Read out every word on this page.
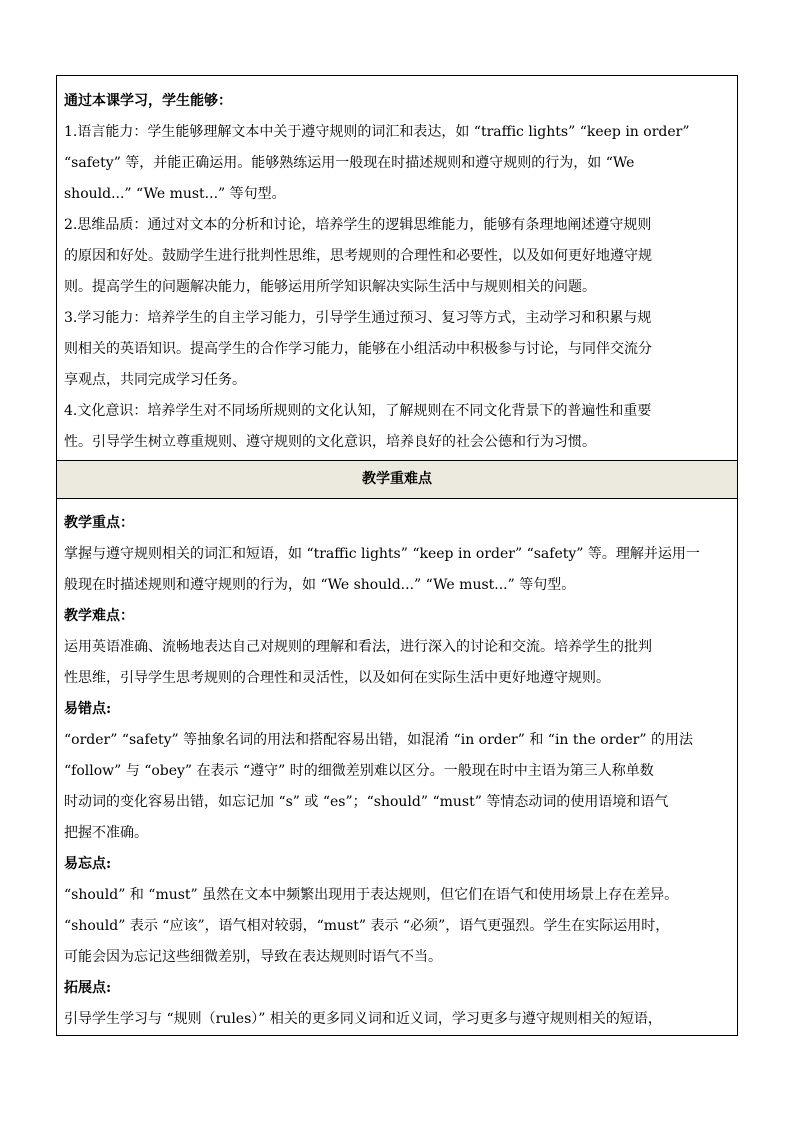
通过本课学习，学生能够：
1.语言能力：学生能够理解文本中关于遵守规则的词汇和表达，如 “traffic lights” “keep in order”
“safety” 等，并能正确运用。能够熟练运用一般现在时描述规则和遵守规则的行为，如 “We
should...” “We must...” 等句型。
2.思维品质：通过对文本的分析和讨论，培养学生的逻辑思维能力，能够有条理地阐述遵守规则
的原因和好处。鼓励学生进行批判性思维，思考规则的合理性和必要性，以及如何更好地遵守规
则。提高学生的问题解决能力，能够运用所学知识解决实际生活中与规则相关的问题。
3.学习能力：培养学生的自主学习能力，引导学生通过预习、复习等方式，主动学习和积累与规
则相关的英语知识。提高学生的合作学习能力，能够在小组活动中积极参与讨论，与同伴交流分
享观点，共同完成学习任务。
4.文化意识：培养学生对不同场所规则的文化认知，了解规则在不同文化背景下的普遍性和重要
性。引导学生树立尊重规则、遵守规则的文化意识，培养良好的社会公德和行为习惯。
教学重难点
教学重点：
掌握与遵守规则相关的词汇和短语，如 “traffic lights” “keep in order” “safety” 等。理解并运用一
般现在时描述规则和遵守规则的行为，如 “We should...” “We must...” 等句型。
教学难点：
运用英语准确、流畅地表达自己对规则的理解和看法，进行深入的讨论和交流。培养学生的批判
性思维，引导学生思考规则的合理性和灵活性，以及如何在实际生活中更好地遵守规则。
易错点:
“order” “safety” 等抽象名词的用法和搭配容易出错，如混淆 “in order” 和 “in the order” 的用法
“follow” 与 “obey” 在表示 “遵守” 时的细微差别难以区分。一般现在时中主语为第三人称单数
时动词的变化容易出错，如忘记加 “s” 或 “es”；“should” “must” 等情态动词的使用语境和语气
把握不准确。
易忘点:
“should” 和 “must” 虽然在文本中频繁出现用于表达规则，但它们在语气和使用场景上存在差异。
“should” 表示 “应该”，语气相对较弱，“must” 表示 “必须”，语气更强烈。学生在实际运用时，
可能会因为忘记这些细微差别，导致在表达规则时语气不当。
拓展点:
引导学生学习与 “规则（rules）” 相关的更多同义词和近义词，学习更多与遵守规则相关的短语，
